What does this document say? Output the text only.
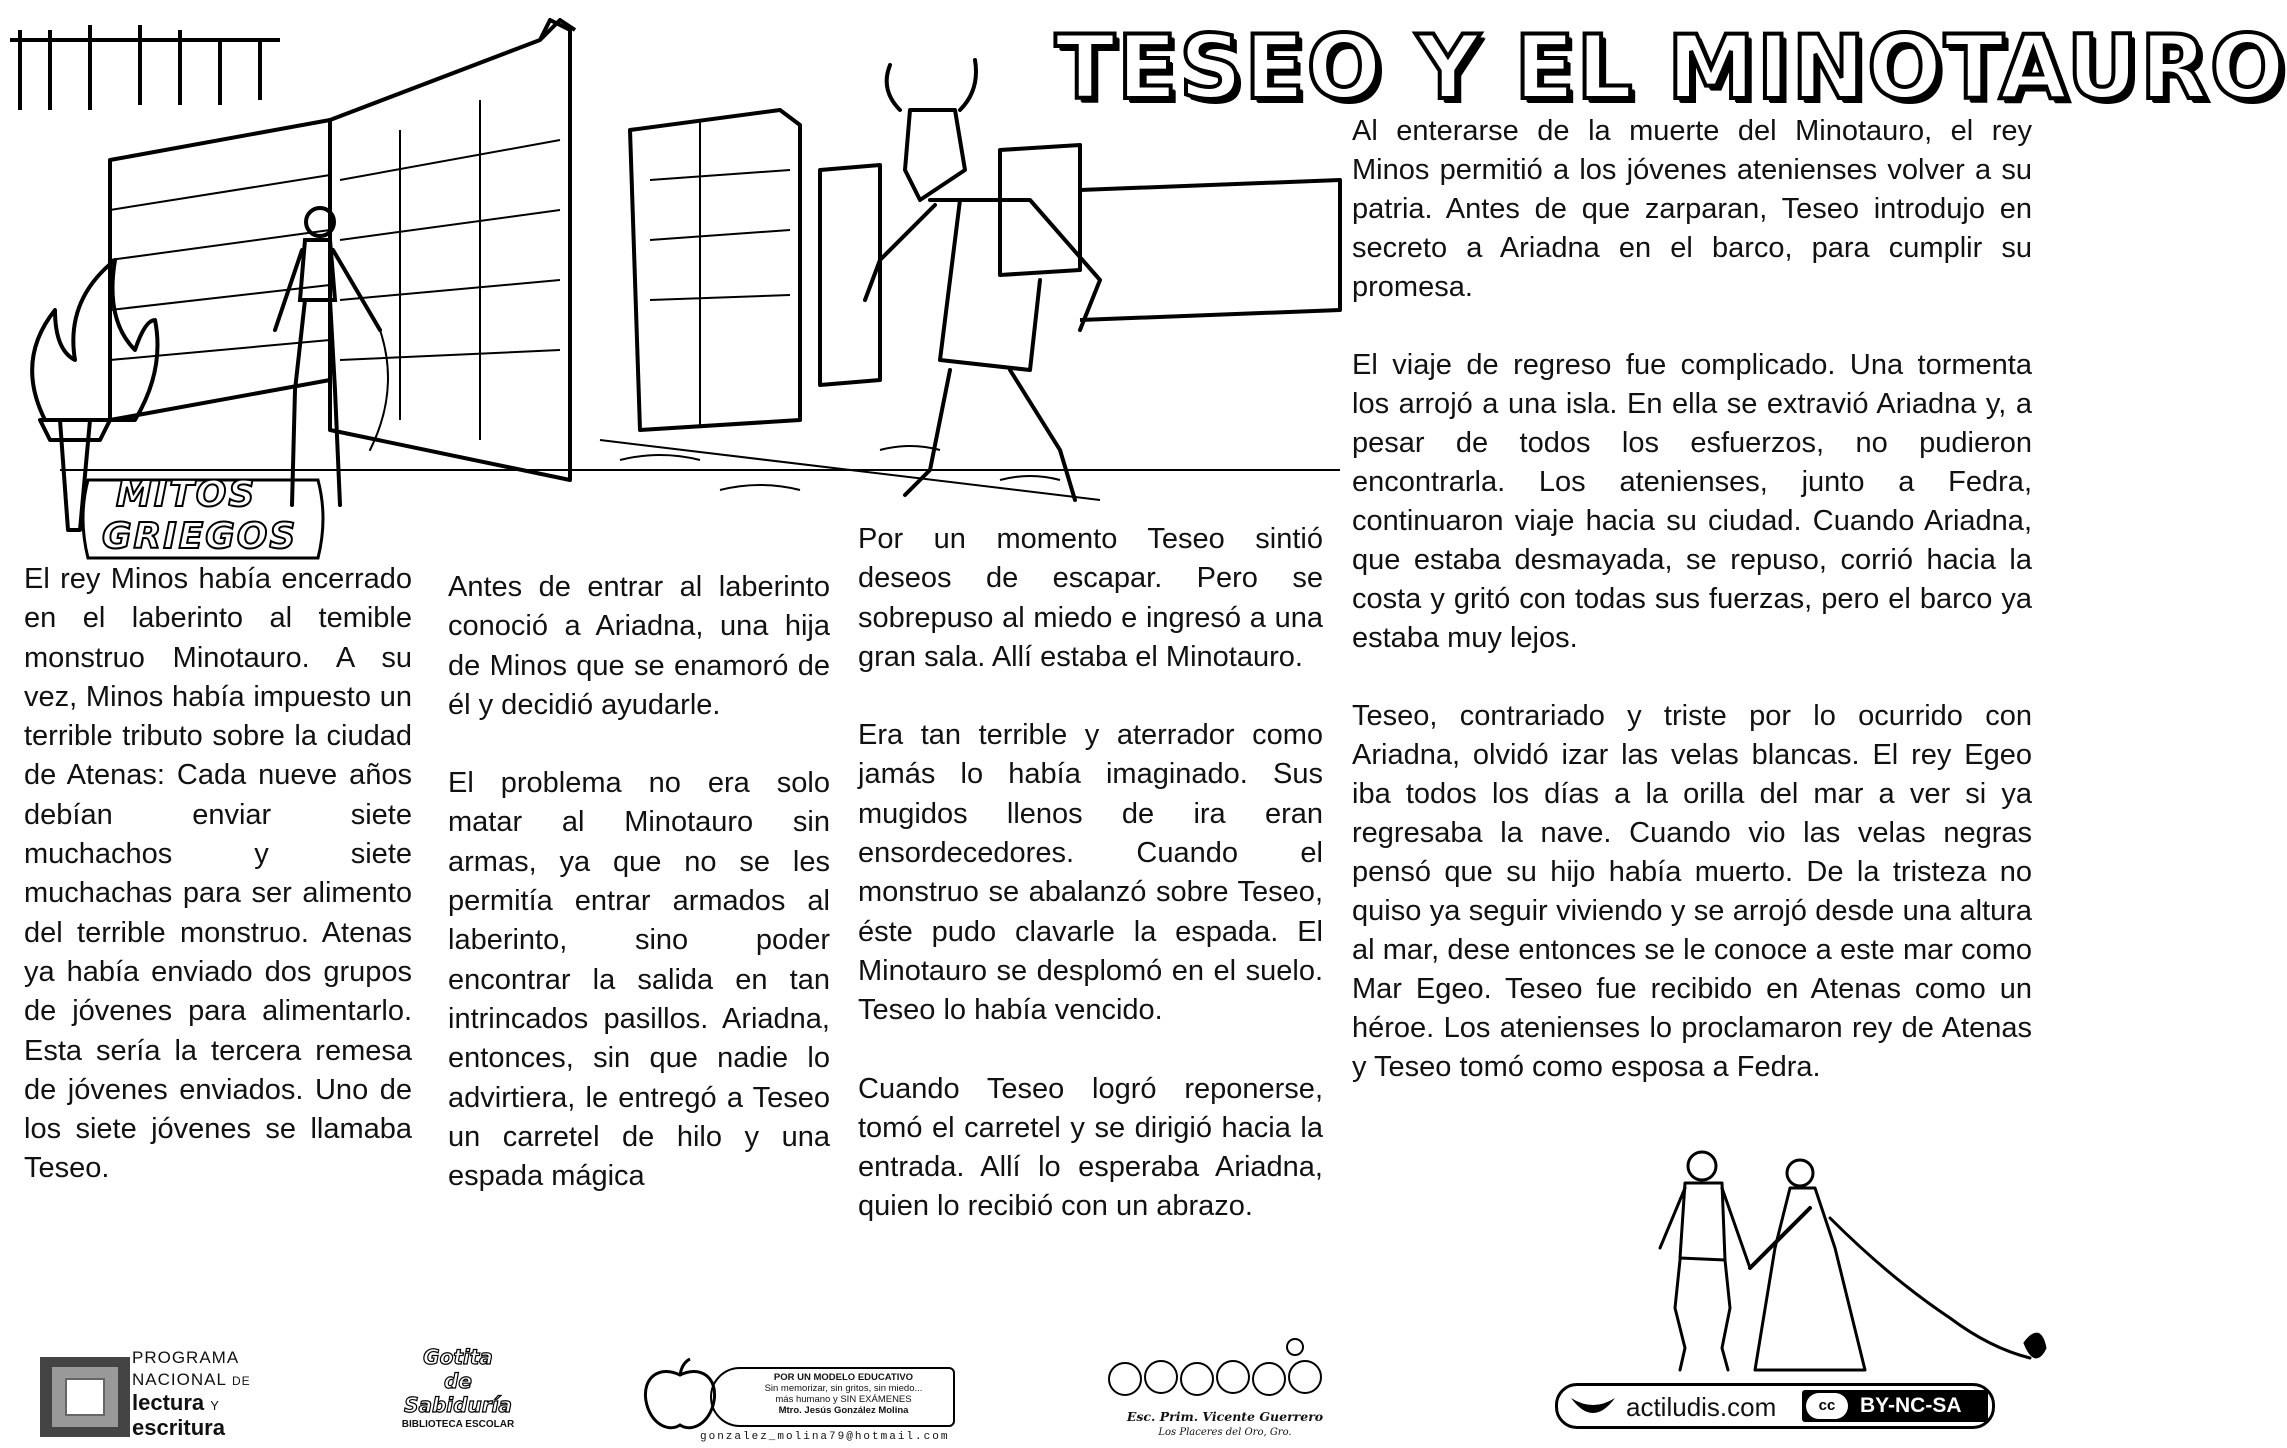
TESEO Y EL MINOTAURO
MITOS
GRIEGOS

El rey Minos había encerrado en el laberinto al temible monstruo Minotauro. A su vez, Minos había impuesto un terrible tributo sobre la ciudad de Atenas: Cada nueve años debían enviar siete muchachos y siete muchachas para ser alimento del terrible monstruo. Atenas ya había enviado dos grupos de jóvenes para alimentarlo. Esta sería la tercera remesa de jóvenes enviados. Uno de los siete jóvenes se llamaba Teseo.

Antes de entrar al laberinto conoció a Ariadna, una hija de Minos que se enamoró de él y decidió ayudarle.

El problema no era solo matar al Minotauro sin armas, ya que no se les permitía entrar armados al laberinto, sino poder encontrar la salida en tan intrincados pasillos. Ariadna, entonces, sin que nadie lo advirtiera, le entregó a Teseo un carretel de hilo y una espada mágica

Por un momento Teseo sintió deseos de escapar. Pero se sobrepuso al miedo e ingresó a una gran sala. Allí estaba el Minotauro.

Era tan terrible y aterrador como jamás lo había imaginado. Sus mugidos llenos de ira eran ensordecedores. Cuando el monstruo se abalanzó sobre Teseo, éste pudo clavarle la espada. El Minotauro se desplomó en el suelo. Teseo lo había vencido.

Cuando Teseo logró reponerse, tomó el carretel y se dirigió hacia la entrada. Allí lo esperaba Ariadna, quien lo recibió con un abrazo.

Al enterarse de la muerte del Minotauro, el rey Minos permitió a los jóvenes atenienses volver a su patria. Antes de que zarparan, Teseo introdujo en secreto a Ariadna en el barco, para cumplir su promesa.

El viaje de regreso fue complicado. Una tormenta los arrojó a una isla. En ella se extravió Ariadna y, a pesar de todos los esfuerzos, no pudieron encontrarla. Los atenienses, junto a Fedra, continuaron viaje hacia su ciudad. Cuando Ariadna, que estaba desmayada, se repuso, corrió hacia la costa y gritó con todas sus fuerzas, pero el barco ya estaba muy lejos.

Teseo, contrariado y triste por lo ocurrido con Ariadna, olvidó izar las velas blancas. El rey Egeo iba todos los días a la orilla del mar a ver si ya regresaba la nave. Cuando vio las velas negras pensó que su hijo había muerto. De la tristeza no quiso ya seguir viviendo y se arrojó desde una altura al mar, dese entonces se le conoce a este mar como Mar Egeo. Teseo fue recibido en Atenas como un héroe. Los atenienses lo proclamaron rey de Atenas y Teseo tomó como esposa a Fedra.

PROGRAMA
NACIONAL DE
lectura Y
escritura
Gotita
de
Sabiduría
BIBLIOTECA ESCOLAR
POR UN MODELO EDUCATIVO
Sin memorizar, sin gritos, sin miedo...
más humano y SIN EXÁMENES
Mtro. Jesús González Molina
gonzalez_molina79@hotmail.com
Esc. Prim. Vicente Guerrero
Los Placeres del Oro, Gro.
actiludis.com	cc	BY-NC-SA
